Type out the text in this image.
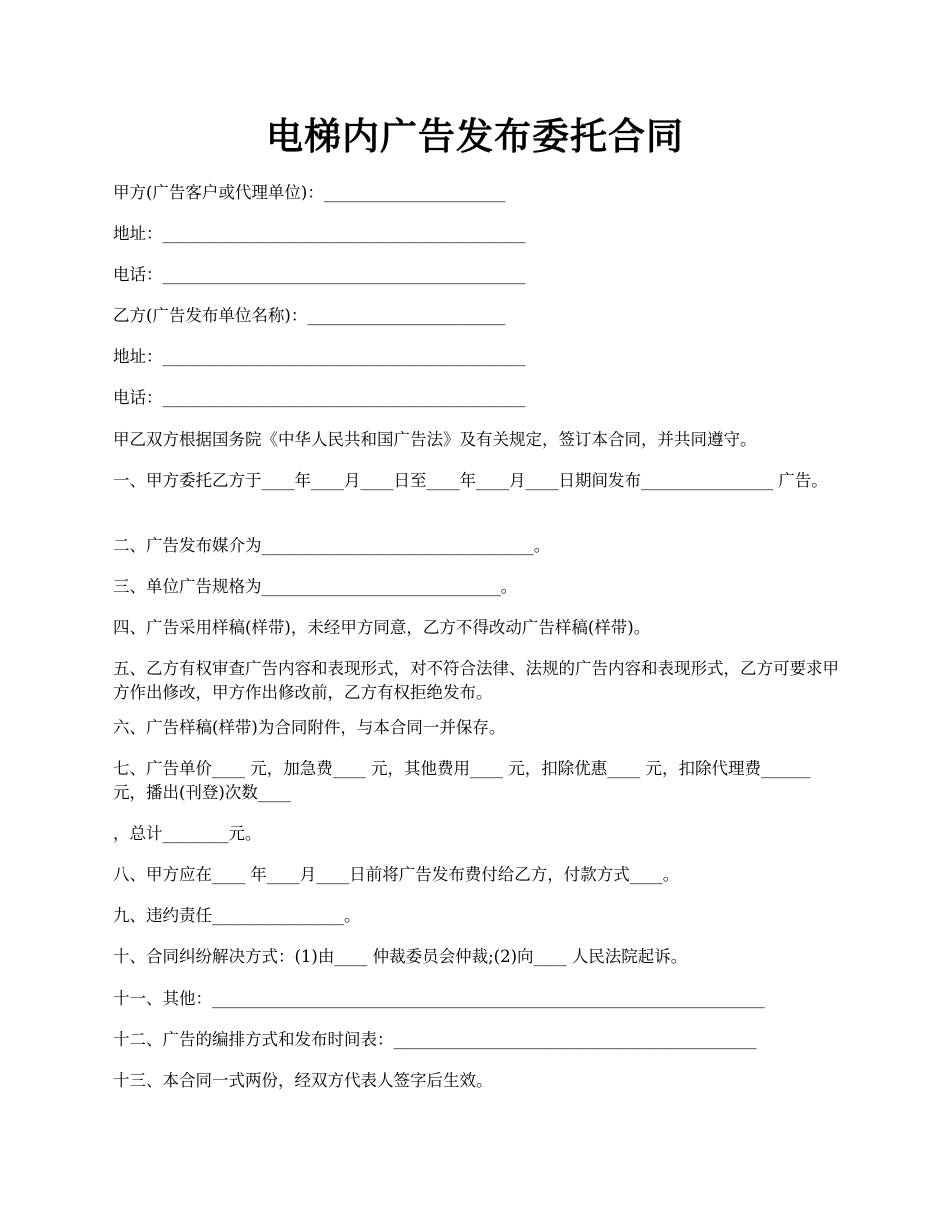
电梯内广告发布委托合同
甲方(广告客户或代理单位)：______________________
地址：____________________________________________
电话：____________________________________________
乙方(广告发布单位名称)：________________________
地址：____________________________________________
电话：____________________________________________
甲乙双方根据国务院《中华人民共和国广告法》及有关规定，签订本合同，并共同遵守。
一、甲方委托乙方于____年____月____日至____年____月____日期间发布________________ 广告。
二、广告发布媒介为_________________________________。
三、单位广告规格为_____________________________。
四、广告采用样稿(样带)，未经甲方同意，乙方不得改动广告样稿(样带)。
五、乙方有权审查广告内容和表现形式，对不符合法律、法规的广告内容和表现形式，乙方可要求甲方作出修改，甲方作出修改前，乙方有权拒绝发布。
六、广告样稿(样带)为合同附件，与本合同一并保存。
七、广告单价____ 元，加急费____ 元，其他费用____ 元，扣除优惠____ 元，扣除代理费______元，播出(刊登)次数____
，总计________元。
八、甲方应在____ 年____月____日前将广告发布费付给乙方，付款方式____。
九、违约责任________________。
十、合同纠纷解决方式：(1)由____ 仲裁委员会仲裁;(2)向____ 人民法院起诉。
十一、其他：___________________________________________________________________
十二、广告的编排方式和发布时间表：____________________________________________
十三、本合同一式两份，经双方代表人签字后生效。
